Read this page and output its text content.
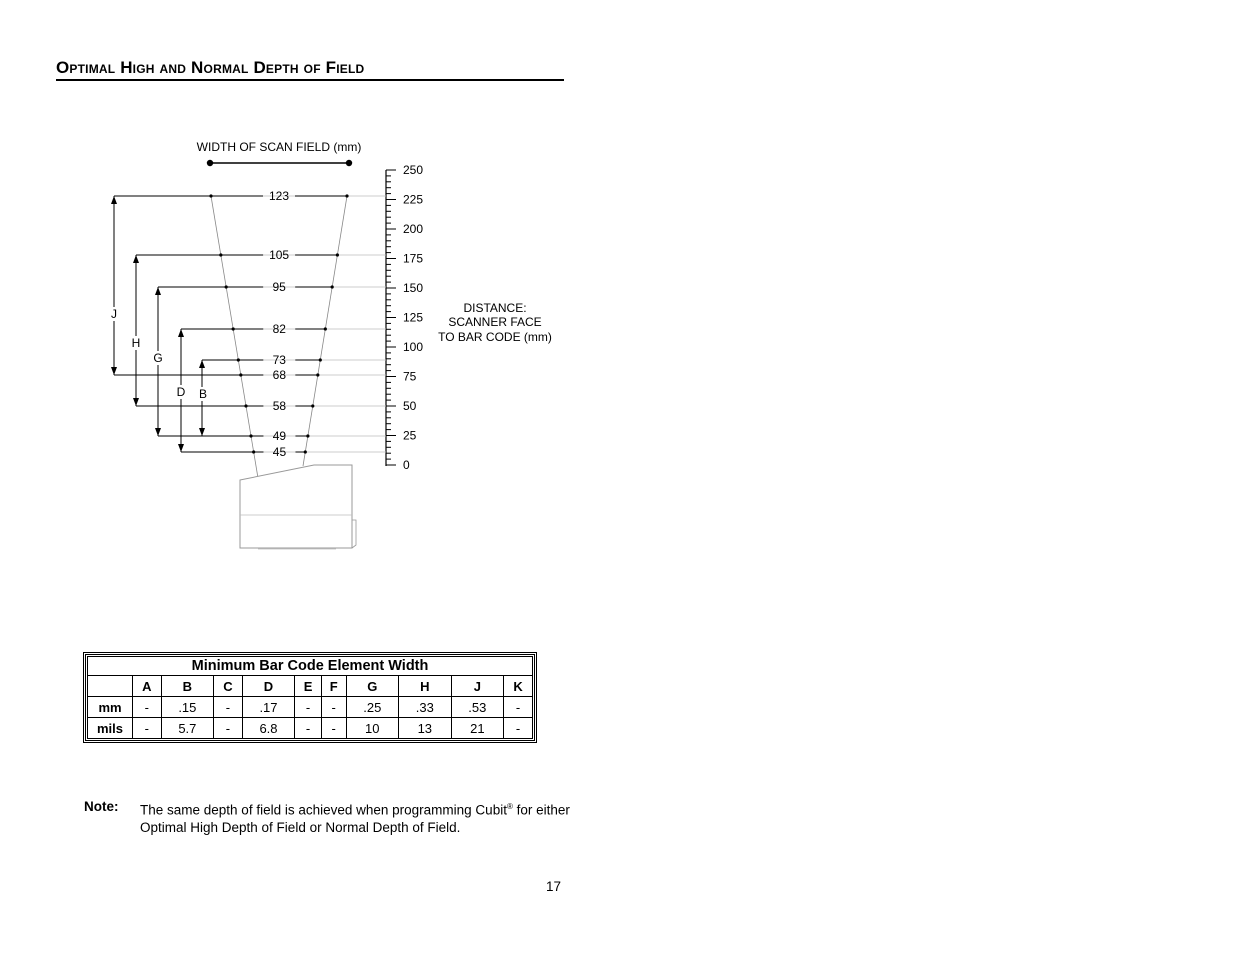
Optimal High and Normal Depth of Field
250
225
200
175
150
125
100
75
50
25
0
123
105
95
82
73
68
58
49
45
J
H
G
D B
WIDTH OF SCAN FIELD (mm)
DISTANCE:
SCANNER FACE
TO BAR CODE (mm)
Minimum Bar Code Element Width										
	A	B	C	D	E	F	G	H	J	K
mm	-	.15	-	.17	-	-	.25	.33	.53	-
mils	-	5.7	-	6.8	-	-	10	13	21	-
Note: The same depth of field is achieved when programming Cubit® for either Optimal High Depth of Field or Normal Depth of Field.
17
